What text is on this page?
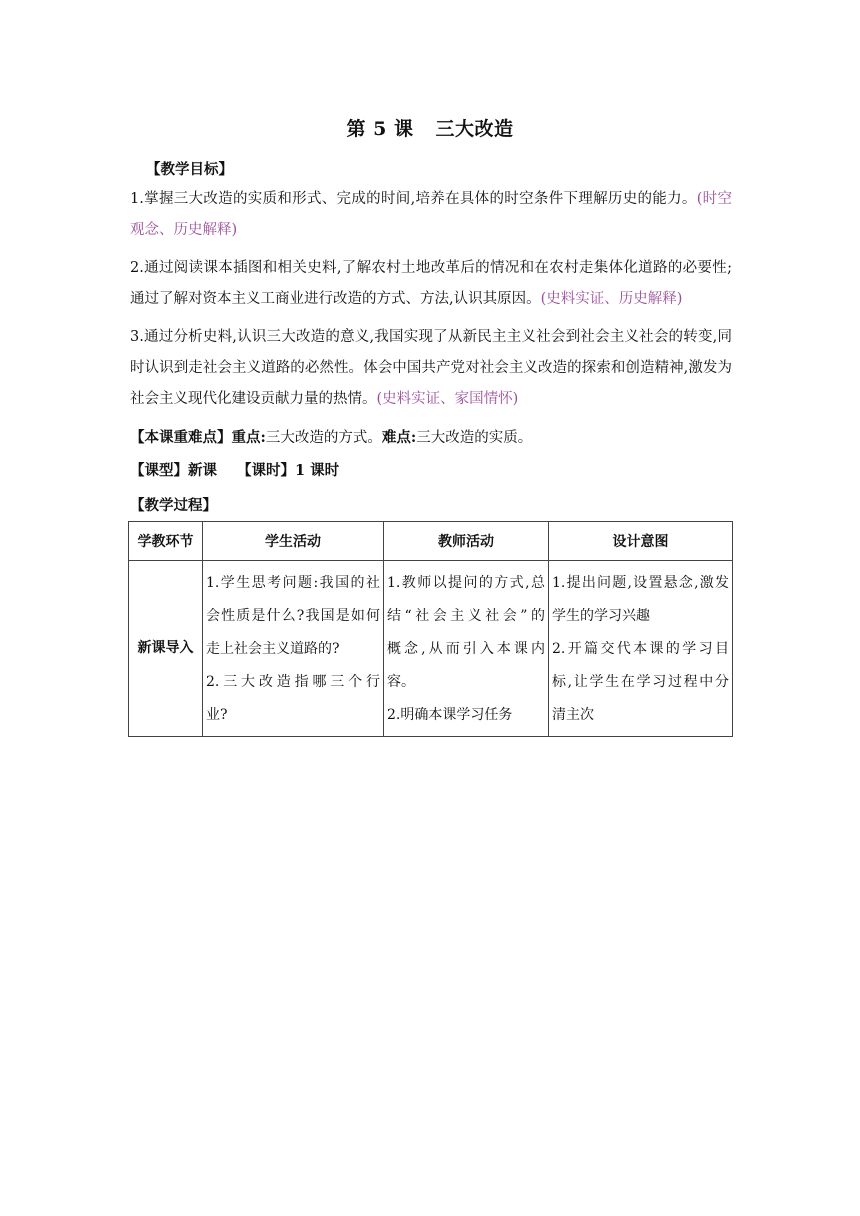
第 5 课 三大改造
【教学目标】
1.掌握三大改造的实质和形式、完成的时间,培养在具体的时空条件下理解历史的能力。(时空观念、历史解释)
2.通过阅读课本插图和相关史料,了解农村土地改革后的情况和在农村走集体化道路的必要性;通过了解对资本主义工商业进行改造的方式、方法,认识其原因。(史料实证、历史解释)
3.通过分析史料,认识三大改造的意义,我国实现了从新民主主义社会到社会主义社会的转变,同时认识到走社会主义道路的必然性。体会中国共产党对社会主义改造的探索和创造精神,激发为社会主义现代化建设贡献力量的热情。(史料实证、家国情怀)
【本课重难点】重点:三大改造的方式。难点:三大改造的实质。
【课型】新课 【课时】1 课时
【教学过程】
学教环节	学生活动	教师活动	设计意图
新课导入	1.学生思考问题:我国的社
会性质是什么?我国是如何
走上社会主义道路的?
2.三大改造指哪三个行
业?	1.教师以提问的方式,总
结“社会主义社会”的
概念,从而引入本课内
容。
2.明确本课学习任务	1.提出问题,设置悬念,激发
学生的学习兴趣
2.开篇交代本课的学习目
标,让学生在学习过程中分
清主次
